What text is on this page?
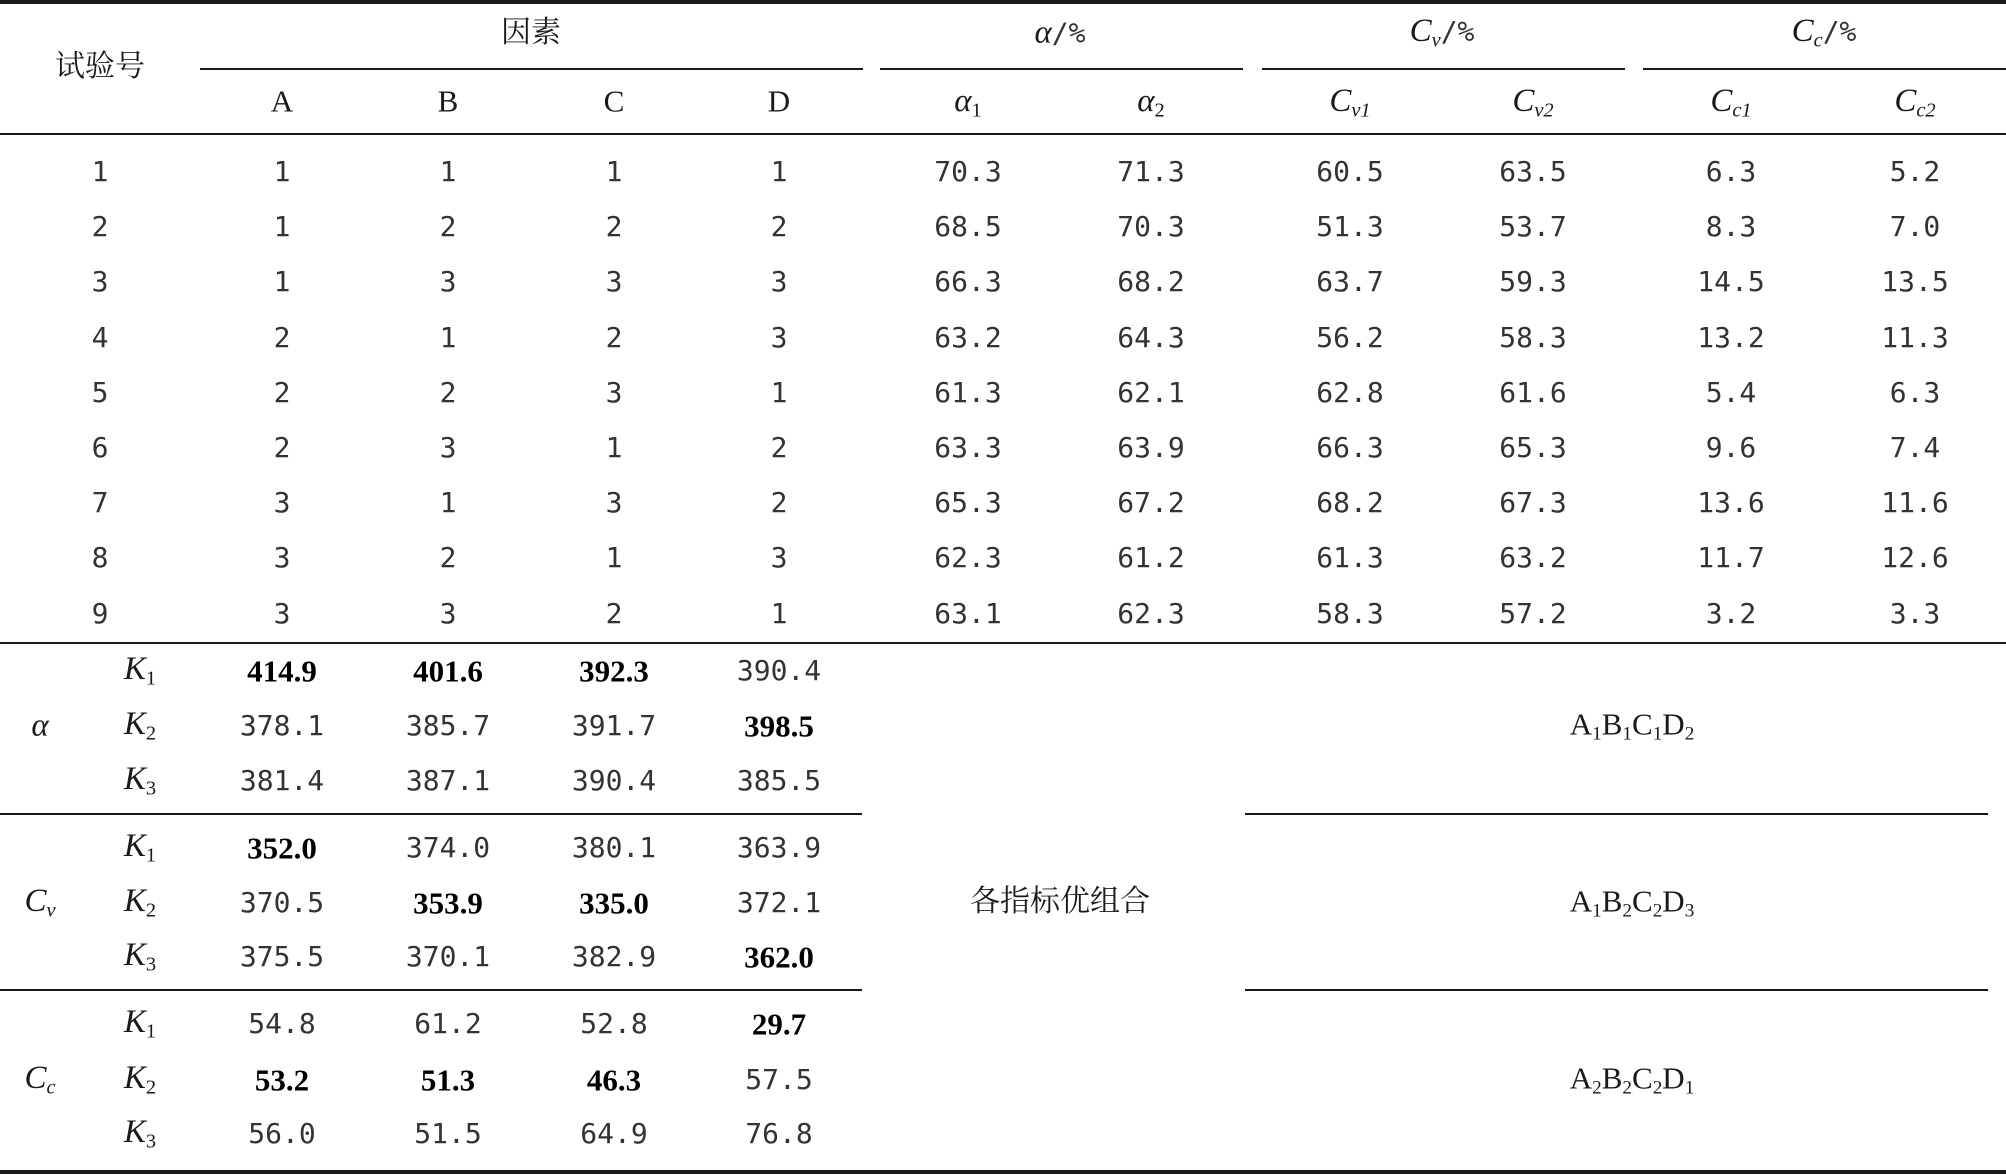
试验号
因素	α/%	$C_v/\%$	$C_c/\%$
A	B	C	D	$\alpha_1$	$\alpha_2$	$C_{v1}$	$C_{v2}$	$C_{c1}$	$C_{c2}$
1	1	1	1	1	70.3	71.3	60.5	63.5	6.3	5.2
2	1	2	2	2	68.5	70.3	51.3	53.7	8.3	7.0
3	1	3	3	3	66.3	68.2	63.7	59.3	14.5	13.5
4	2	1	2	3	63.2	64.3	56.2	58.3	13.2	11.3
5	2	2	3	1	61.3	62.1	62.8	61.6	5.4	6.3
6	2	3	1	2	63.3	63.9	66.3	65.3	9.6	7.4
7	3	1	3	2	65.3	67.2	68.2	67.3	13.6	11.6
8	3	2	1	3	62.3	61.2	61.3	63.2	11.7	12.6
9	3	3	2	1	63.1	62.3	58.3	57.2	3.2	3.3
α
$K_1$	414.9	401.6	392.3	390.4
$K_2$	378.1	385.7	391.7	398.5
$K_3$	381.4	387.1	390.4	385.5
$A_1B_1C_1D_2$
$C_v$
$K_1$	352.0	374.0	380.1	363.9
$K_2$	370.5	353.9	335.0	372.1
$K_3$	375.5	370.1	382.9	362.0
$A_1B_2C_2D_3$
$C_c$
$K_1$	54.8	61.2	52.8	29.7
$K_2$	53.2	51.3	46.3	57.5
$K_3$	56.0	51.5	64.9	76.8
$A_2B_2C_2D_1$
各指标优组合
